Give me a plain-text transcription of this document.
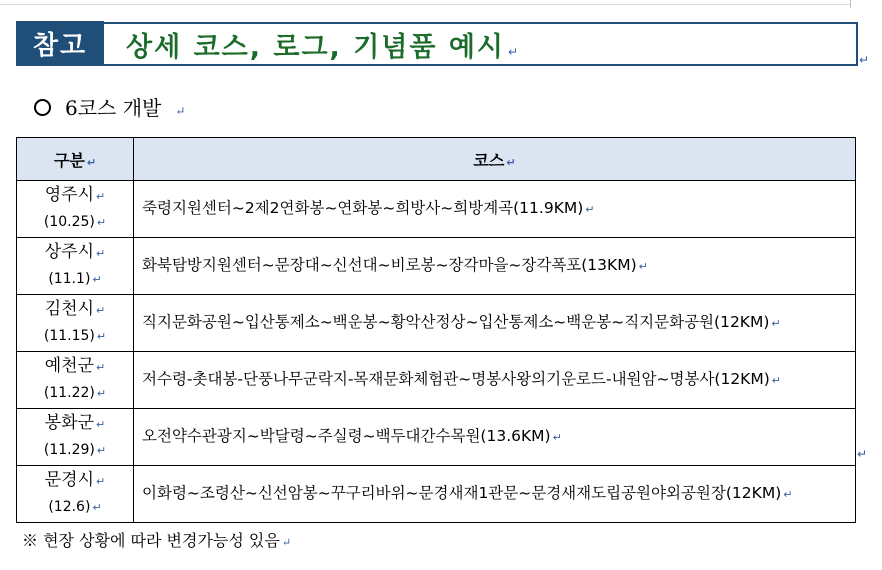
참고	상세 코스, 로그, 기념품 예시 ↵
↵
6코스 개발 ↵
구분 ↵	코스 ↵
영주시 ↵
(10.25) ↵	죽령지원센터~2제2연화봉~연화봉~희방사~희방계곡(11.9KM) ↵
상주시 ↵
(11.1) ↵	화북탐방지원센터~문장대~신선대~비로봉~장각마을~장각폭포(13KM) ↵
김천시 ↵
(11.15) ↵	직지문화공원~입산통제소~백운봉~황악산정상~입산통제소~백운봉~직지문화공원(12KM) ↵
예천군 ↵
(11.22) ↵	저수령-촛대봉-단풍나무군락지-목재문화체험관~명봉사왕의기운로드-내원암~명봉사(12KM) ↵
봉화군 ↵
(11.29) ↵	오전약수관광지~박달령~주실령~백두대간수목원(13.6KM) ↵
문경시 ↵
(12.6) ↵	이화령~조령산~신선암봉~꾸구리바위~문경새재1관문~문경새재도립공원야외공원장(12KM) ↵
↵
※ 현장 상황에 따라 변경가능성 있음 ↵
